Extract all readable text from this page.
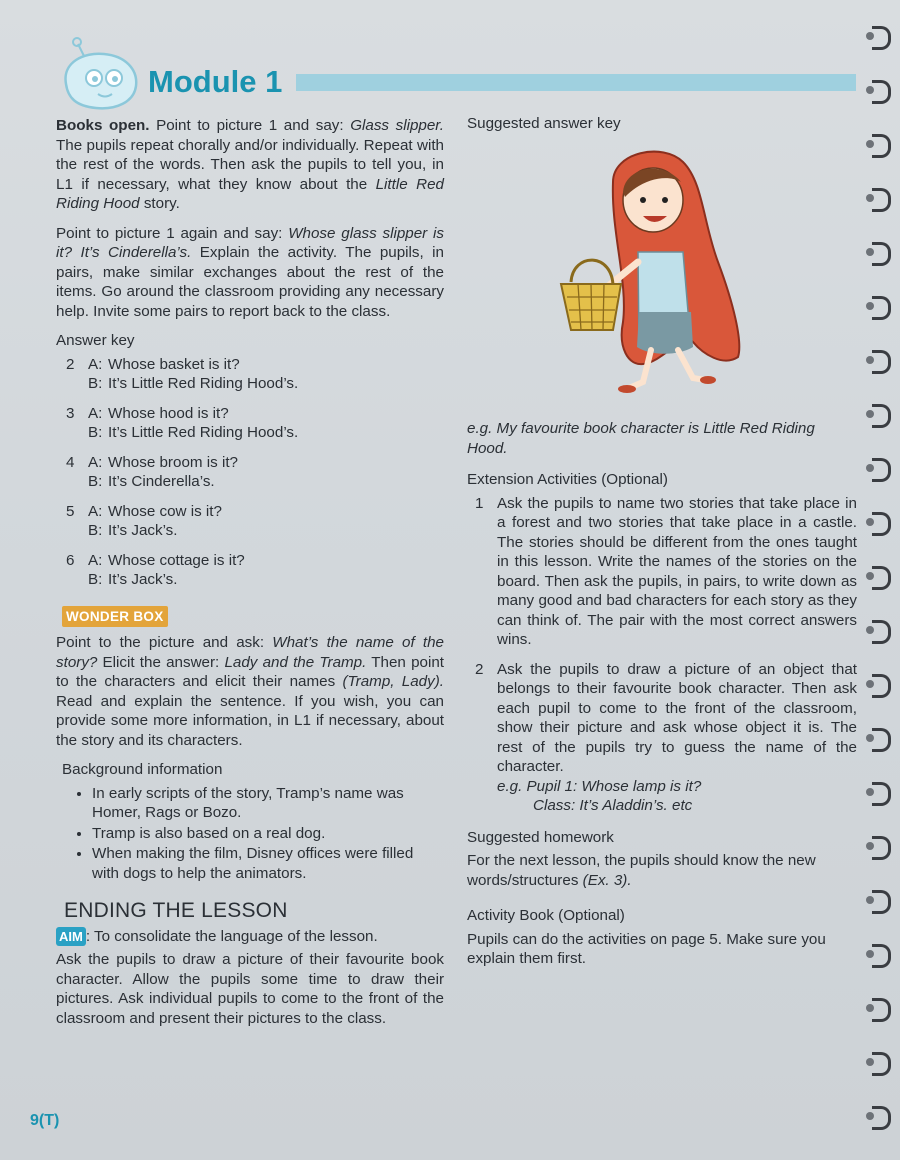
Module 1

Books open. Point to picture 1 and say: Glass slipper. The pupils repeat chorally and/or individually. Repeat with the rest of the words. Then ask the pupils to tell you, in L1 if necessary, what they know about the Little Red Riding Hood story.

Point to picture 1 again and say: Whose glass slipper is it? It’s Cinderella’s. Explain the activity. The pupils, in pairs, make similar exchanges about the rest of the items. Go around the classroom providing any necessary help. Invite some pairs to report back to the class.

Answer key
2 A: Whose basket is it?
B: It’s Little Red Riding Hood’s.
3 A: Whose hood is it?
B: It’s Little Red Riding Hood’s.
4 A: Whose broom is it?
B: It’s Cinderella’s.
5 A: Whose cow is it?
B: It’s Jack’s.
6 A: Whose cottage is it?
B: It’s Jack’s.
WONDER BOX

Point to the picture and ask: What’s the name of the story? Elicit the answer: Lady and the Tramp. Then point to the characters and elicit their names (Tramp, Lady). Read and explain the sentence. If you wish, you can provide some more information, in L1 if necessary, about the story and its characters.

Background information
• In early scripts of the story, Tramp’s name was Homer, Rags or Bozo.
• Tramp is also based on a real dog.
• When making the film, Disney offices were filled with dogs to help the animators.
ENDING THE LESSON

AIM : To consolidate the language of the lesson.

Ask the pupils to draw a picture of their favourite book character. Allow the pupils some time to draw their pictures. Ask individual pupils to come to the front of the classroom and present their pictures to the class.

Suggested answer key

e.g. My favourite book character is Little Red Riding Hood.

Extension Activities (Optional)
1 Ask the pupils to name two stories that take place in a forest and two stories that take place in a castle. The stories should be different from the ones taught in this lesson. Write the names of the stories on the board. Then ask the pupils, in pairs, to write down as many good and bad characters for each story as they can think of. The pair with the most correct answers wins.
2 Ask the pupils to draw a picture of an object that belongs to their favourite book character. Then ask each pupil to come to the front of the classroom, show their picture and ask whose object it is. The rest of the pupils try to guess the name of the character.
e.g. Pupil 1: Whose lamp is it?
Class: It’s Aladdin’s. etc
Suggested homework

For the next lesson, the pupils should know the new words/structures (Ex. 3).

Activity Book (Optional)

Pupils can do the activities on page 5. Make sure you explain them first.

9(T)
